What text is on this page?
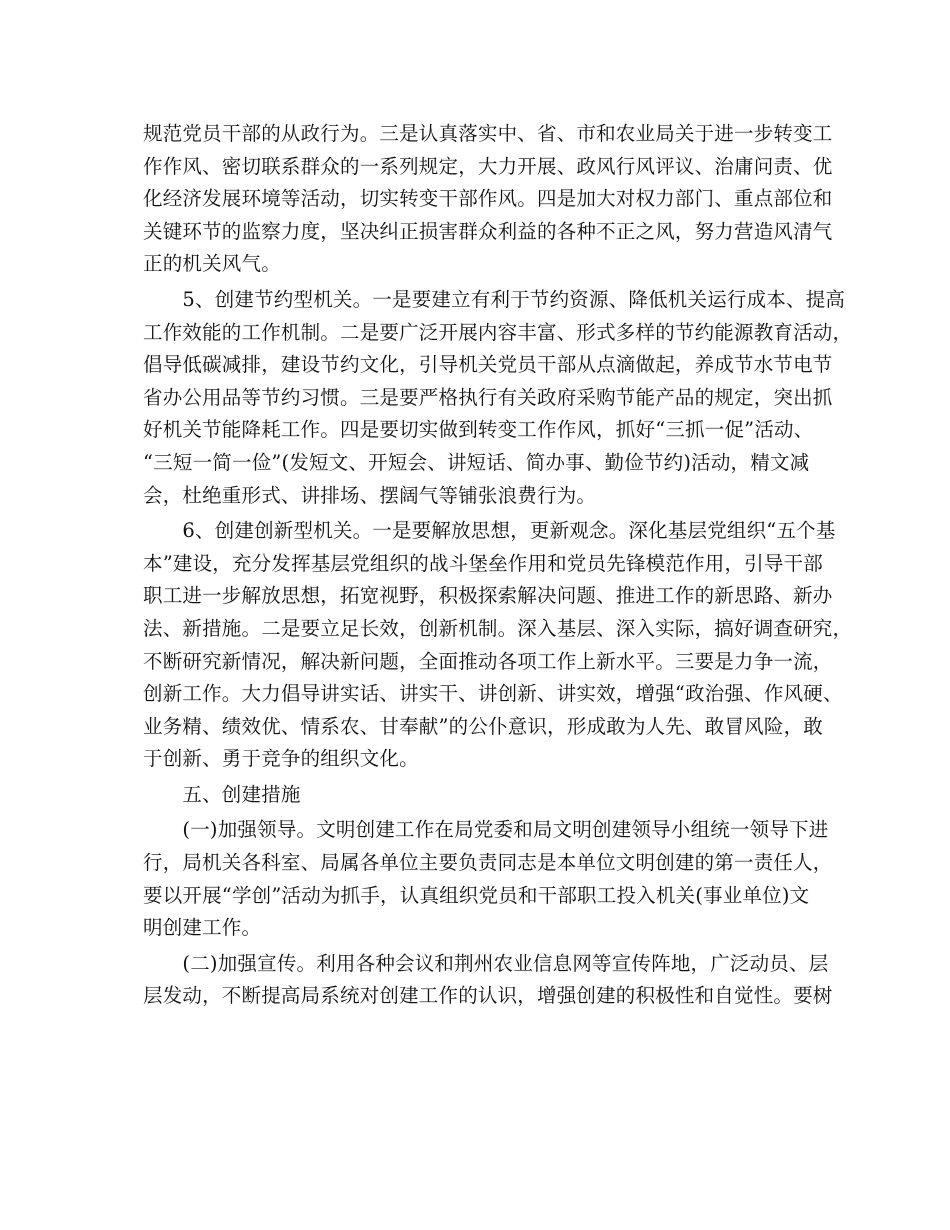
规范党员干部的从政行为。三是认真落实中、省、市和农业局关于进一步转变工
作作风、密切联系群众的一系列规定，大力开展、政风行风评议、治庸问责、优
化经济发展环境等活动，切实转变干部作风。四是加大对权力部门、重点部位和
关键环节的监察力度，坚决纠正损害群众利益的各种不正之风，努力营造风清气
正的机关风气。
　　5、创建节约型机关。一是要建立有利于节约资源、降低机关运行成本、提高
工作效能的工作机制。二是要广泛开展内容丰富、形式多样的节约能源教育活动，
倡导低碳减排，建设节约文化，引导机关党员干部从点滴做起，养成节水节电节
省办公用品等节约习惯。三是要严格执行有关政府采购节能产品的规定，突出抓
好机关节能降耗工作。四是要切实做到转变工作作风，抓好“三抓一促”活动、
“三短一简一俭”(发短文、开短会、讲短话、简办事、勤俭节约)活动，精文减
会，杜绝重形式、讲排场、摆阔气等铺张浪费行为。
　　6、创建创新型机关。一是要解放思想，更新观念。深化基层党组织“五个基
本”建设，充分发挥基层党组织的战斗堡垒作用和党员先锋模范作用，引导干部
职工进一步解放思想，拓宽视野，积极探索解决问题、推进工作的新思路、新办
法、新措施。二是要立足长效，创新机制。深入基层、深入实际，搞好调查研究，
不断研究新情况，解决新问题，全面推动各项工作上新水平。三要是力争一流，
创新工作。大力倡导讲实话、讲实干、讲创新、讲实效，增强“政治强、作风硬、
业务精、绩效优、情系农、甘奉献”的公仆意识，形成敢为人先、敢冒风险，敢
于创新、勇于竞争的组织文化。
　　五、创建措施
　　(一)加强领导。文明创建工作在局党委和局文明创建领导小组统一领导下进
行，局机关各科室、局属各单位主要负责同志是本单位文明创建的第一责任人，
要以开展“学创”活动为抓手，认真组织党员和干部职工投入机关(事业单位)文
明创建工作。
　　(二)加强宣传。利用各种会议和荆州农业信息网等宣传阵地，广泛动员、层
层发动，不断提高局系统对创建工作的认识，增强创建的积极性和自觉性。要树
